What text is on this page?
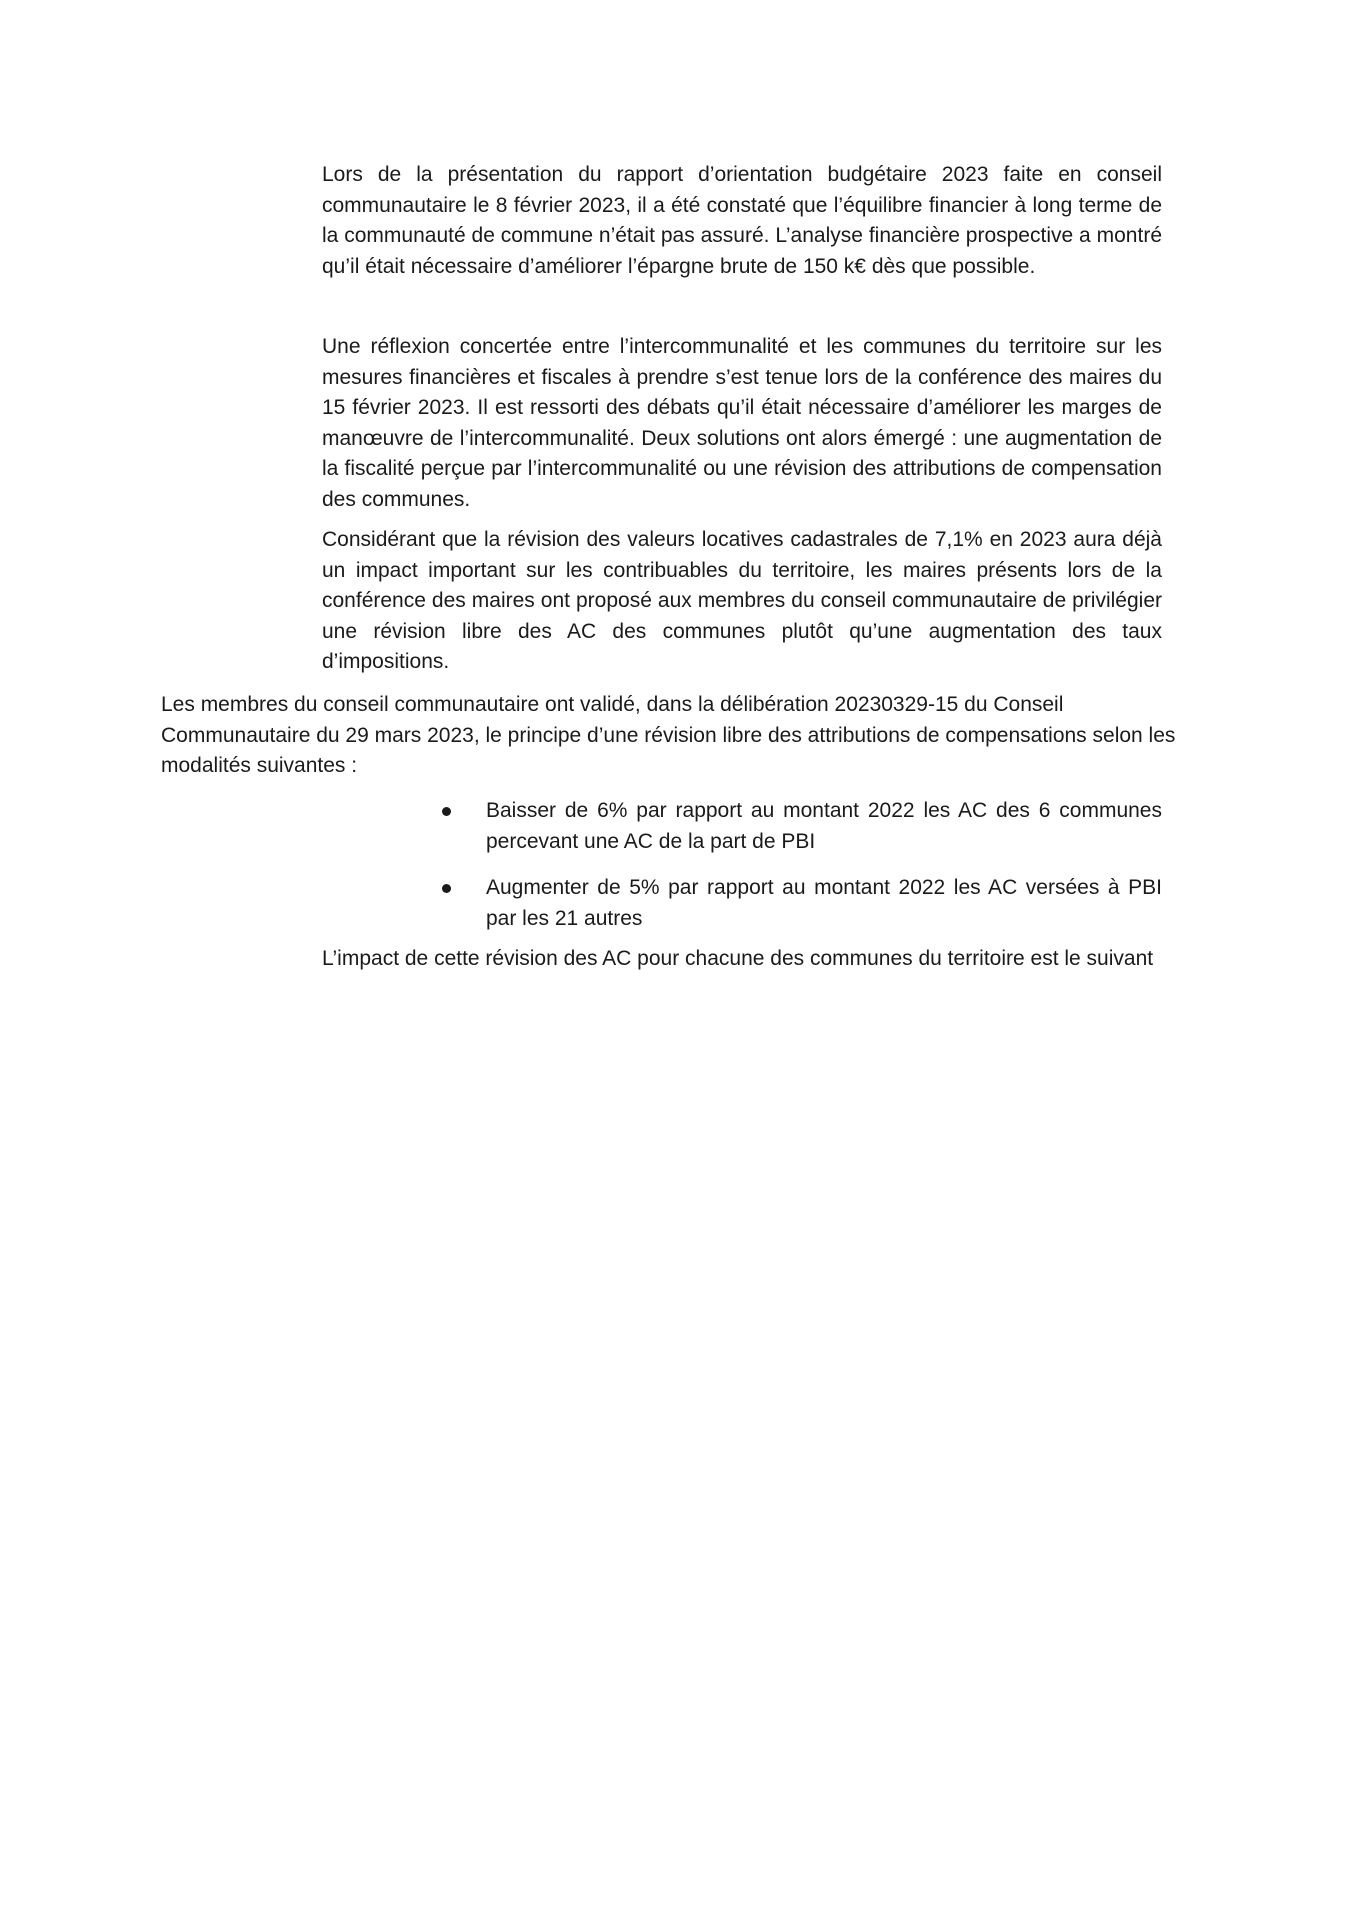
Lors de la présentation du rapport d’orientation budgétaire 2023 faite en conseil communautaire le 8 février 2023, il a été constaté que l’équilibre financier à long terme de la communauté de commune n’était pas assuré. L’analyse financière prospective a montré qu’il était nécessaire d’améliorer l’épargne brute de 150 k€ dès que possible.

Une réflexion concertée entre l’intercommunalité et les communes du territoire sur les mesures financières et fiscales à prendre s’est tenue lors de la conférence des maires du 15 février 2023. Il est ressorti des débats qu’il était nécessaire d’améliorer les marges de manœuvre de l’intercommunalité. Deux solutions ont alors émergé : une augmentation de la fiscalité perçue par l’intercommunalité ou une révision des attributions de compensation des communes.

Considérant que la révision des valeurs locatives cadastrales de 7,1% en 2023 aura déjà un impact important sur les contribuables du territoire, les maires présents lors de la conférence des maires ont proposé aux membres du conseil communautaire de privilégier une révision libre des AC des communes plutôt qu’une augmentation des taux d’impositions.

Les membres du conseil communautaire ont validé, dans la délibération 20230329-15 du Conseil Communautaire du 29 mars 2023, le principe d’une révision libre des attributions de compensations selon les modalités suivantes :

Baisser de 6% par rapport au montant 2022 les AC des 6 communes percevant une AC de la part de PBI
Augmenter de 5% par rapport au montant 2022 les AC versées à PBI par les 21 autres

L’impact de cette révision des AC pour chacune des communes du territoire est le suivant
